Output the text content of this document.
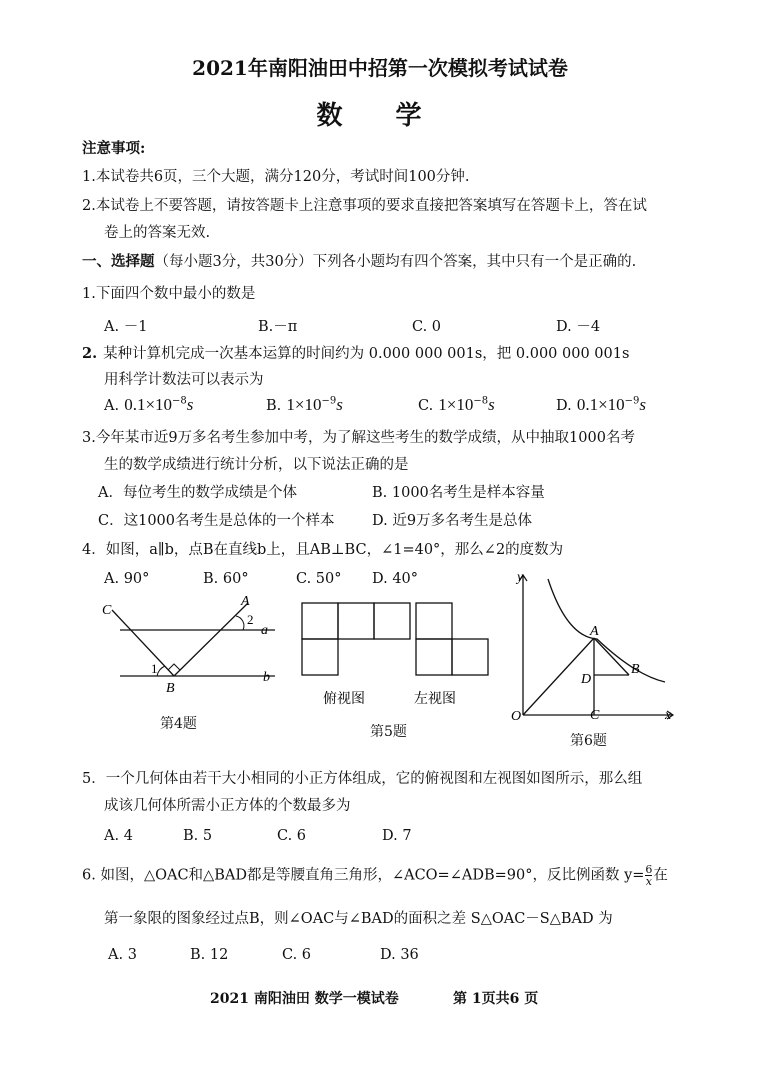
2021年南阳油田中招第一次模拟考试试卷
数 学
注意事项:
1.本试卷共6页，三个大题，满分120分，考试时间100分钟.
2.本试卷上不要答题，请按答题卡上注意事项的要求直接把答案填写在答题卡上，答在试
卷上的答案无效.
一、选择题（每小题3分，共30分）下列各小题均有四个答案，其中只有一个是正确的.
1.下面四个数中最小的数是
A. －1	B.－π	C. 0	D. －4
2. 某种计算机完成一次基本运算的时间约为 0.000 000 001s，把 0.000 000 001s
用科学计数法可以表示为
A. $0.1\times 10^{-8}s$	B. $1\times 10^{-9}s$	C. $1\times 10^{-8}s$	D. $0.1\times 10^{-9}s$
3.今年某市近9万多名考生参加中考，为了解这些考生的数学成绩，从中抽取1000名考
生的数学成绩进行统计分析，以下说法正确的是
A．每位考生的数学成绩是个体	B. 1000名考生是样本容量
C．这1000名考生是总体的一个样本	D. 近9万多名考生是总体
4．如图，a∥b，点B在直线b上，且AB⊥BC，∠1=40°，那么∠2的度数为
A. 90°	B. 60°	C. 50° D. 40°
C
A
2
a
1
B
b
第4题
俯视图	左视图
第5题
y
x
O
A
B
C
D
第6题
5．一个几何体由若干大小相同的小正方体组成，它的俯视图和左视图如图所示，那么组
成该几何体所需小正方体的个数最多为
A. 4	B. 5	C. 6	D. 7
6. 如图，△OAC和△BAD都是等腰直角三角形，∠ACO=∠ADB=90°，反比例函数 $y= \frac{6}{x}$ 在
第一象限的图象经过点B，则∠OAC与∠BAD的面积之差 S△OAC－S△BAD 为
A. 3	B. 12	C. 6	D. 36
2021 南阳油田 数学一模试卷	第 1页共6 页
